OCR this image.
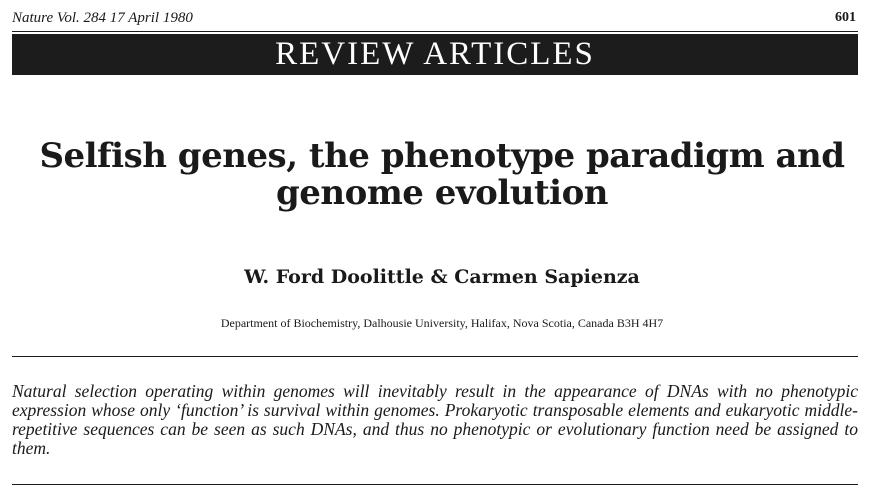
Nature Vol. 284 17 April 1980	601
REVIEW ARTICLES
Selfish genes, the phenotype paradigm and
genome evolution
W. Ford Doolittle & Carmen Sapienza
Department of Biochemistry, Dalhousie University, Halifax, Nova Scotia, Canada B3H 4H7
Natural selection operating within genomes will inevitably result in the appearance of DNAs with no phenotypic expression whose only ‘function’ is survival within genomes. Prokaryotic transposable elements and eukaryotic middle-repetitive sequences can be seen as such DNAs, and thus no phenotypic or evolutionary function need be assigned to them.
